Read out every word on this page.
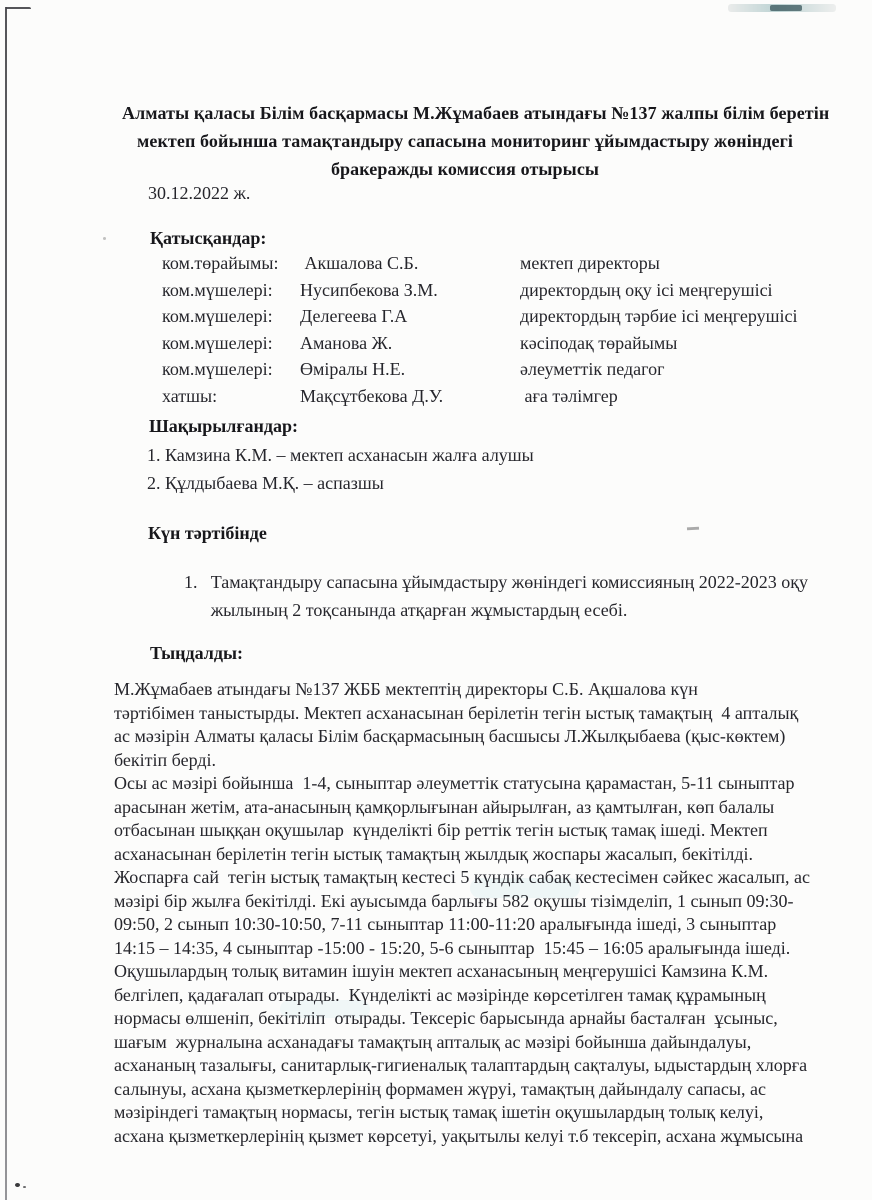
Алматы қаласы Білім басқармасы М.Жұмабаев атындағы №137 жалпы білім беретін
мектеп бойынша тамақтандыру сапасына мониторинг ұйымдастыру жөніндегі
бракеражды комиссия отырысы
30.12.2022 ж.
Қатысқандар:
ком.төрайымы:	Акшалова С.Б.	мектеп директоры
ком.мүшелері:	Нусипбекова З.М.	директордың оқу ісі меңгерушісі
ком.мүшелері:	Делегеева Г.А	директордың тәрбие ісі меңгерушісі
ком.мүшелері:	Аманова Ж.	кәсіподақ төрайымы
ком.мүшелері:	Өміралы Н.Е.	әлеуметтік педагог
хатшы:	Мақсұтбекова Д.У.	аға тәлімгер
Шақырылғандар:
1. Камзина К.М. – мектеп асханасын жалға алушы
2. Құлдыбаева М.Қ. – аспазшы
Күн тәртібінде
1. Тамақтандыру сапасына ұйымдастыру жөніндегі комиссияның 2022-2023 оқу
жылының 2 тоқсанында атқарған жұмыстардың есебі.
Тыңдалды:
М.Жұмабаев атындағы №137 ЖББ мектептің директоры С.Б. Ақшалова күн
тәртібімен таныстырды. Мектеп асханасынан берілетін тегін ыстық тамақтың  4 апталық
ас мәзірін Алматы қаласы Білім басқармасының басшысы Л.Жылқыбаева (қыс-көктем)
бекітіп берді.
Осы ас мәзірі бойынша  1-4, сыныптар әлеуметтік статусына қарамастан, 5-11 сыныптар
арасынан жетім, ата-анасының қамқорлығынан айырылған, аз қамтылған, көп балалы
отбасынан шыққан оқушылар  күнделікті бір реттік тегін ыстық тамақ ішеді. Мектеп
асханасынан берілетін тегін ыстық тамақтың жылдық жоспары жасалып, бекітілді.
Жоспарға сай  тегін ыстық тамақтың кестесі 5 күндік сабақ кестесімен сәйкес жасалып, ас
мәзірі бір жылға бекітілді. Екі ауысымда барлығы 582 оқушы тізімделіп, 1 сынып 09:30-
09:50, 2 сынып 10:30-10:50, 7-11 сыныптар 11:00-11:20 аралығында ішеді, 3 сыныптар
14:15 – 14:35, 4 сыныптар -15:00 - 15:20, 5-6 сыныптар  15:45 – 16:05 аралығында ішеді.
Оқушылардың толық витамин ішуін мектеп асханасының меңгерушісі Камзина К.М.
белгілеп, қадағалап отырады.  Күнделікті ас мәзірінде көрсетілген тамақ құрамының
нормасы өлшеніп, бекітіліп  отырады. Тексеріс барысында арнайы басталған  ұсыныс,
шағым  журналына асханадағы тамақтың апталық ас мәзірі бойынша дайындалуы,
асхананың тазалығы, санитарлық-гигиеналық талаптардың сақталуы, ыдыстардың хлорға
салынуы, асхана қызметкерлерінің формамен жүруі, тамақтың дайындалу сапасы, ас
мәзіріндегі тамақтың нормасы, тегін ыстық тамақ ішетін оқушылардың толық келуі,
асхана қызметкерлерінің қызмет көрсетуі, уақытылы келуі т.б тексеріп, асхана жұмысына
